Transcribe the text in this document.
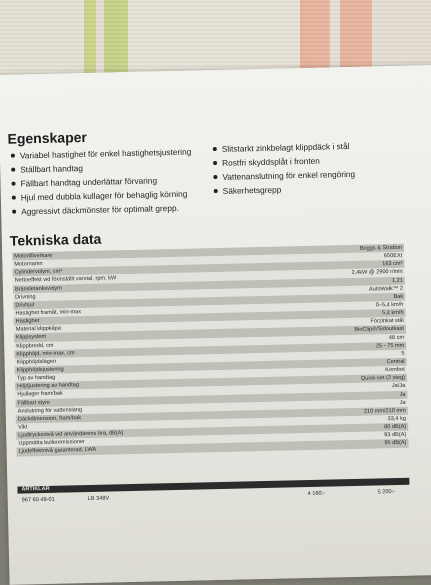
Egenskaper
Variabel hastighet för enkel hastighetsjustering
Ställbart handtag
Fällbart handtag underlättar förvaring
Hjul med dubbla kullager för behaglig körning
Aggressivt däckmönster för optimalt grepp.
Slitstarkt zinkbelagt klippdäck i stål
Rostfri skyddsplåt i fronten
Vattenanslutning för enkel rengöring
Säkerhetsgrepp
Tekniska data
Motortillverkare	Briggs & Stratton
Motornamn	650EXI
Cylindervolym, cm³	163 cm³
Nettoeffekt vid förinställt varvtal, rpm, kW	2,4kW @ 2900 r/min
Bränsletanksvolym	1,21
Drivning	AutoWalk™ 2
Drivhjul	Bak
Hastighet framåt, min-max	0–5,4 km/h
Hastighet	5,4 km/h
Material klippkåpa	Förzinkat stål
Klippsystem	BioClip®/Sidoutkast
Klippbredd, cm	48 cm
Klipphöjd, min-max, cm	25 - 75 mm
Klipphöjdslägen	5
Klipphöjdsjustering	Central
Typ av handtag	Komfort
Höjdjustering av handtag	Quick-set (2 steg)
Hjullager fram/bak	Ja/Ja
Fällbart styre	Ja
Anslutning för vattenslang	Ja
Däckdimension, fram/bak	210 mm/210 mm
Vikt	33,4 kg
Ljudtrycksnivå vid användarens öra, dB(A)	80 dB(A)
Uppmätta bulleremissioner	93 dB(A)
Ljudeffektnivå garanterad, LWA	95 dB(A)
ARTIKLAR
967 60 49-01	LB 348V
4 160:-	5 200:-
